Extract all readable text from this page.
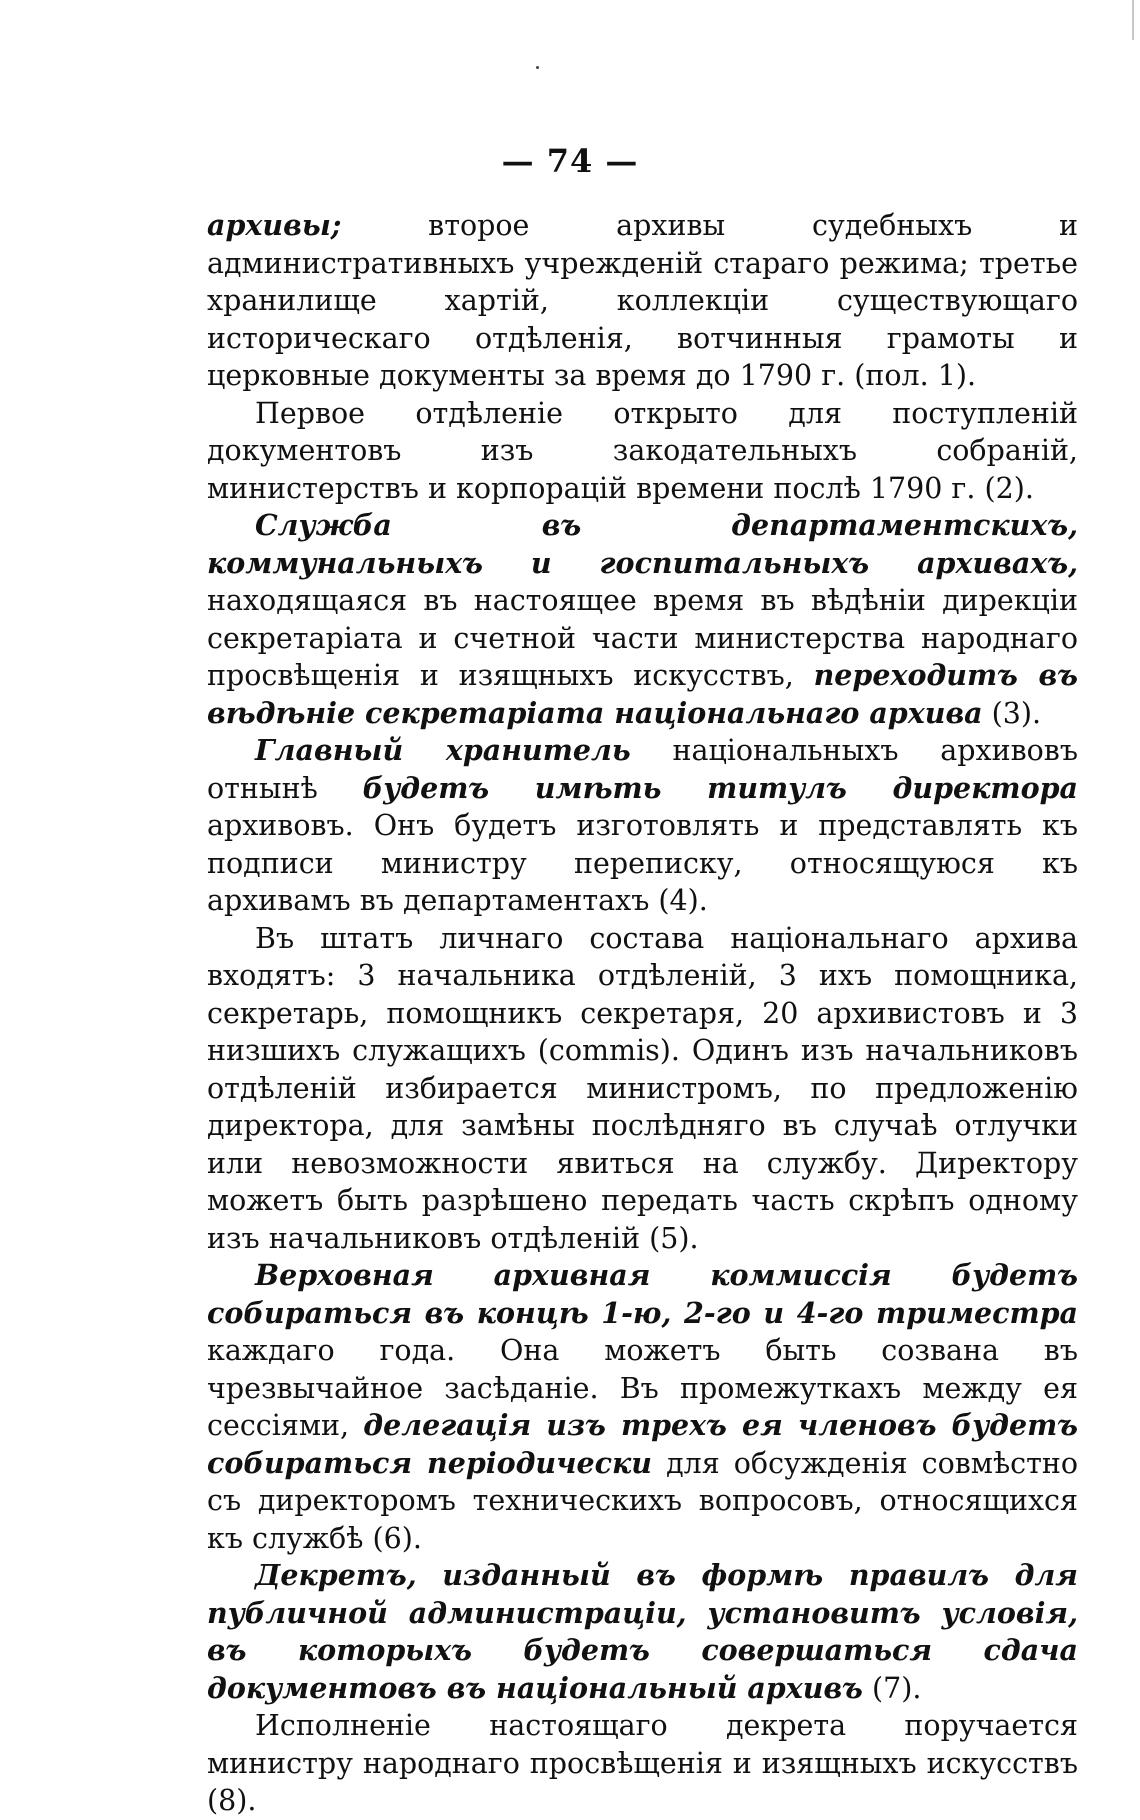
— 74 —

архивы; второе архивы судебныхъ и административныхъ учрежденій стараго режима; третье хранилище хартій, коллекціи существующаго историческаго отдѣленія, вотчинныя грамоты и церковные документы за время до 1790 г. (пол. 1).

Первое отдѣленіе открыто для поступленій документовъ изъ закодательныхъ собраній, министерствъ и корпорацій времени послѣ 1790 г. (2).

Служба въ департаментскихъ, коммунальныхъ и госпитальныхъ архивахъ, находящаяся въ настоящее время въ вѣдѣніи дирекціи секретаріата и счетной части министерства народнаго просвѣщенія и изящныхъ искусствъ, переходитъ въ вѣдѣніе секретаріата національнаго архива (3).

Главный хранитель національныхъ архивовъ отнынѣ будетъ имѣть титулъ директора архивовъ. Онъ будетъ изготовлять и представлять къ подписи министру переписку, относящуюся къ архивамъ въ департаментахъ (4).

Въ штатъ личнаго состава національнаго архива входятъ: 3 начальника отдѣленій, 3 ихъ помощника, секретарь, помощникъ секретаря, 20 архивистовъ и 3 низшихъ служащихъ (commis). Одинъ изъ начальниковъ отдѣленій избирается министромъ, по предложенію директора, для замѣны послѣдняго въ случаѣ отлучки или невозможности явиться на службу. Директору можетъ быть разрѣшено передать часть скрѣпъ одному изъ начальниковъ отдѣленій (5).

Верховная архивная коммиссія будетъ собираться въ концѣ 1-ю, 2-го и 4-го триместра каждаго года. Она можетъ быть созвана въ чрезвычайное засѣданіе. Въ промежуткахъ между ея сессіями, делегація изъ трехъ ея членовъ будетъ собираться періодически для обсужденія совмѣстно съ директоромъ техническихъ вопросовъ, относящихся къ службѣ (6).

Декретъ, изданный въ формѣ правилъ для публичной администраціи, установитъ условія, въ которыхъ будетъ совершаться сдача документовъ въ національный архивъ (7).

Исполненіе настоящаго декрета поручается министру народнаго просвѣщенія и изящныхъ искусствъ (8).
